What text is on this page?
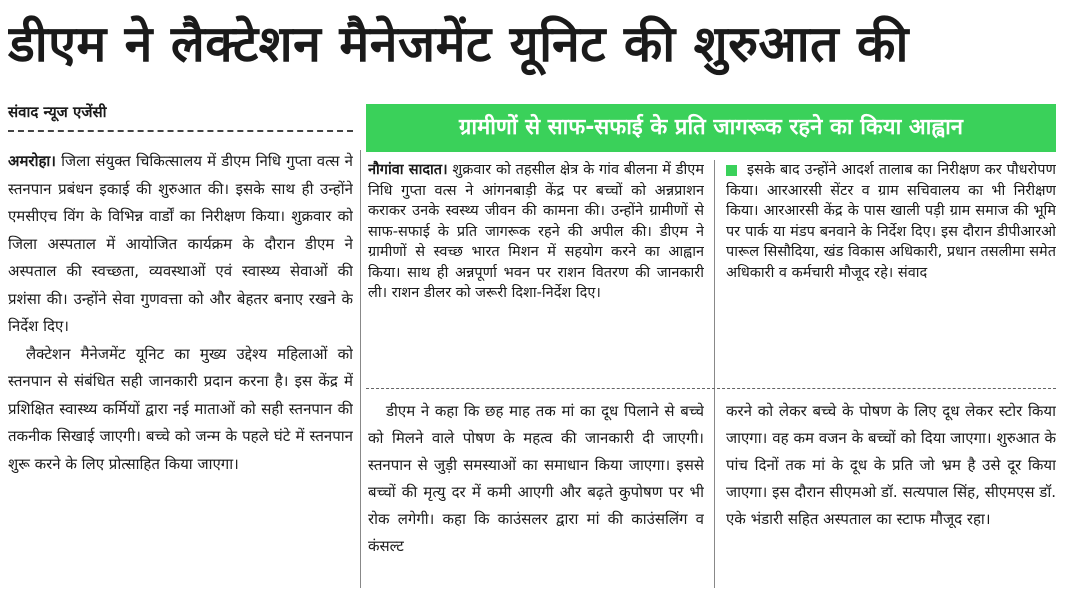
डीएम ने लैक्टेशन मैनेजमेंट यूनिट की शुरुआत की
संवाद न्यूज एजेंसी
ग्रामीणों से साफ-सफाई के प्रति जागरूक रहने का किया आह्वान

अमरोहा। जिला संयुक्त चिकित्सालय में डीएम निधि गुप्ता वत्स ने स्तनपान प्रबंधन इकाई की शुरुआत की। इसके साथ ही उन्होंने एमसीएच विंग के विभिन्न वार्डों का निरीक्षण किया। शुक्रवार को जिला अस्पताल में आयोजित कार्यक्रम के दौरान डीएम ने अस्पताल की स्वच्छता, व्यवस्थाओं एवं स्वास्थ्य सेवाओं की प्रशंसा की। उन्होंने सेवा गुणवत्ता को और बेहतर बनाए रखने के निर्देश दिए।

लैक्टेशन मैनेजमेंट यूनिट का मुख्य उद्देश्य महिलाओं को स्तनपान से संबंधित सही जानकारी प्रदान करना है। इस केंद्र में प्रशिक्षित स्वास्थ्य कर्मियों द्वारा नई माताओं को सही स्तनपान की तकनीक सिखाई जाएगी। बच्चे को जन्म के पहले घंटे में स्तनपान शुरू करने के लिए प्रोत्साहित किया जाएगा।

नौगांवा सादात। शुक्रवार को तहसील क्षेत्र के गांव बीलना में डीएम निधि गुप्ता वत्स ने आंगनबाड़ी केंद्र पर बच्चों को अन्नप्राशन कराकर उनके स्वस्थ्य जीवन की कामना की। उन्होंने ग्रामीणों से साफ-सफाई के प्रति जागरूक रहने की अपील की। डीएम ने ग्रामीणों से स्वच्छ भारत मिशन में सहयोग करने का आह्वान किया। साथ ही अन्नपूर्णा भवन पर राशन वितरण की जानकारी ली। राशन डीलर को जरूरी दिशा-निर्देश दिए।

इसके बाद उन्होंने आदर्श तालाब का निरीक्षण कर पौधरोपण किया। आरआरसी सेंटर व ग्राम सचिवालय का भी निरीक्षण किया। आरआरसी केंद्र के पास खाली पड़ी ग्राम समाज की भूमि पर पार्क या मंडप बनवाने के निर्देश दिए। इस दौरान डीपीआरओ पारूल सिसौदिया, खंड विकास अधिकारी, प्रधान तसलीमा समेत अधिकारी व कर्मचारी मौजूद रहे। संवाद

डीएम ने कहा कि छह माह तक मां का दूध पिलाने से बच्चे को मिलने वाले पोषण के महत्व की जानकारी दी जाएगी। स्तनपान से जुड़ी समस्याओं का समाधान किया जाएगा। इससे बच्चों की मृत्यु दर में कमी आएगी और बढ़ते कुपोषण पर भी रोक लगेगी। कहा कि काउंसलर द्वारा मां की काउंसलिंग व कंसल्ट

करने को लेकर बच्चे के पोषण के लिए दूध लेकर स्टोर किया जाएगा। वह कम वजन के बच्चों को दिया जाएगा। शुरुआत के पांच दिनों तक मां के दूध के प्रति जो भ्रम है उसे दूर किया जाएगा। इस दौरान सीएमओ डॉ. सत्यपाल सिंह, सीएमएस डॉ. एके भंडारी सहित अस्पताल का स्टाफ मौजूद रहा।
